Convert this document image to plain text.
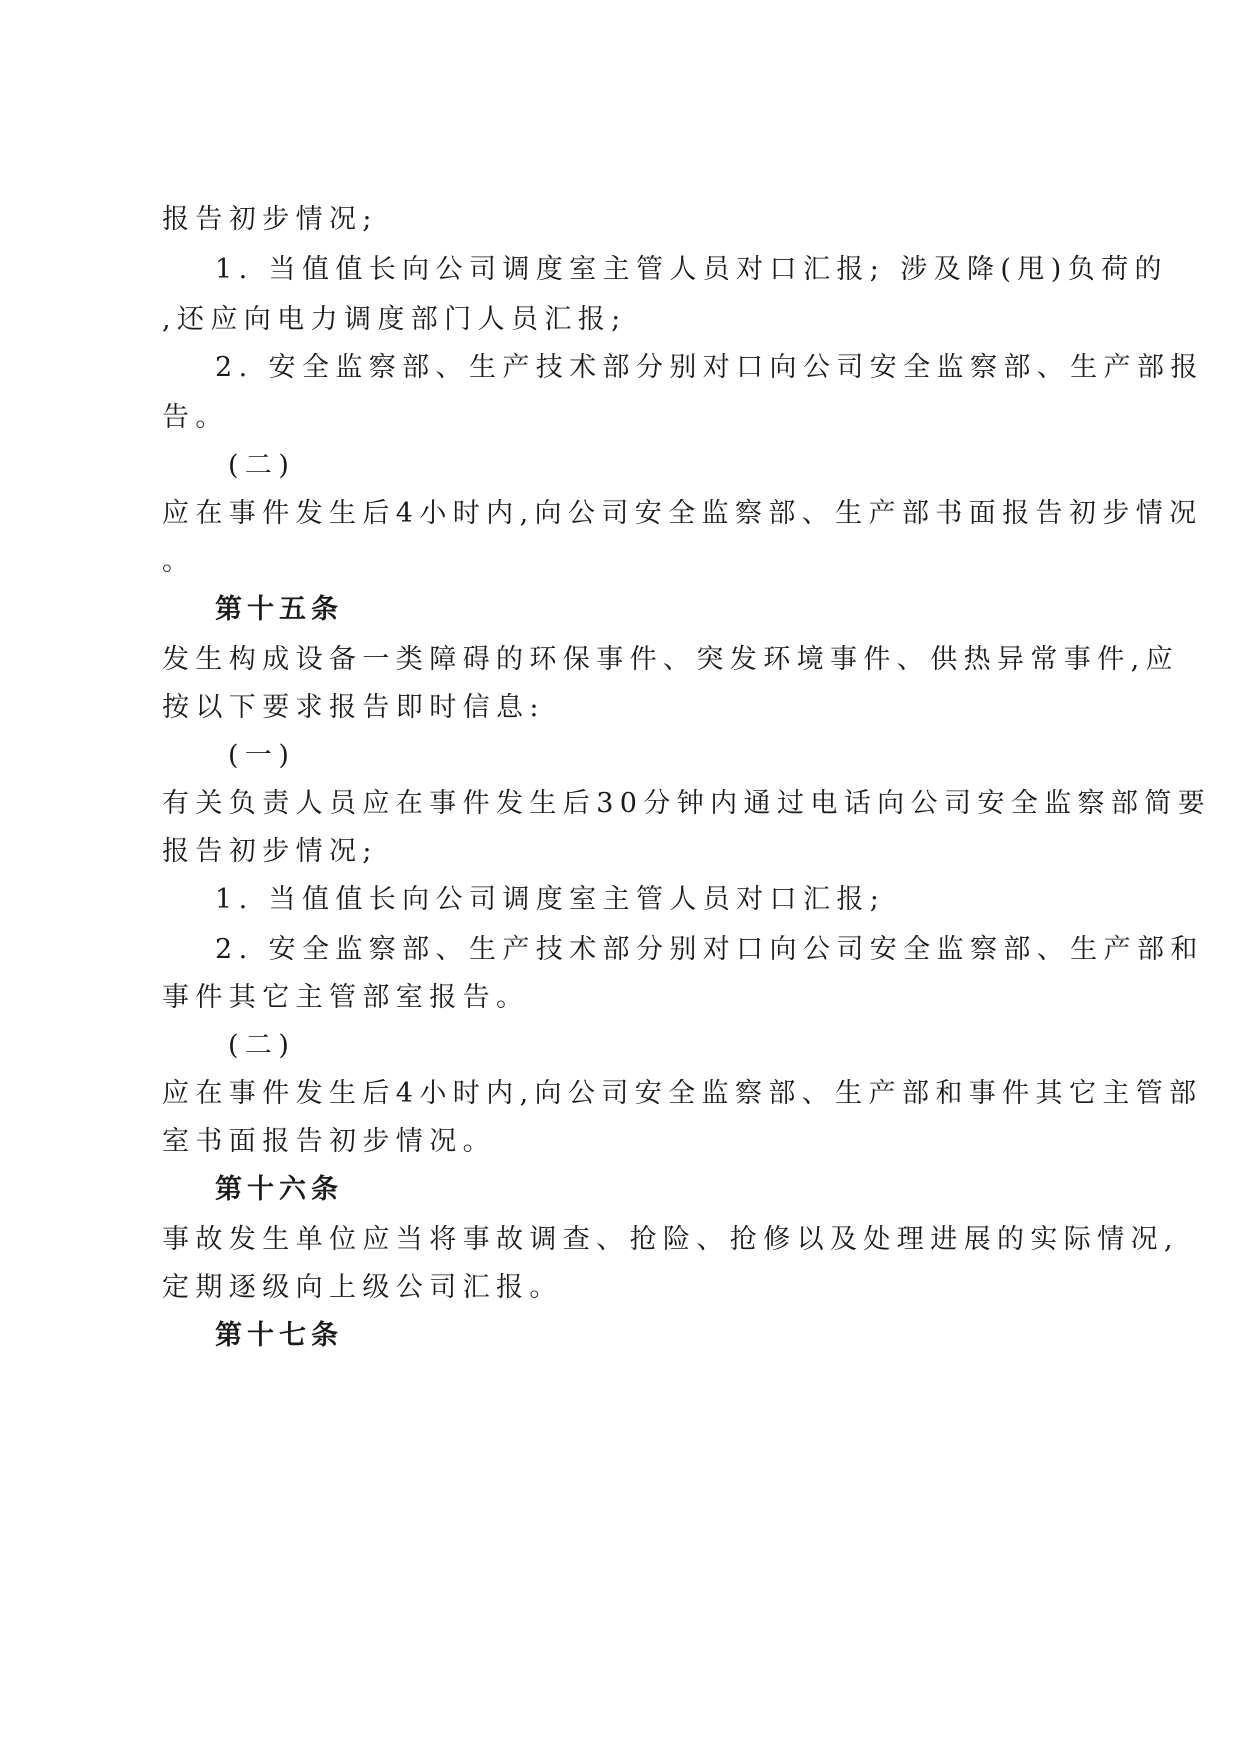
报告初步情况;
1. 当值值长向公司调度室主管人员对口汇报; 涉及降(甩)负荷的
,还应向电力调度部门人员汇报;
2. 安全监察部、生产技术部分别对口向公司安全监察部、生产部报
告。
(二)
应在事件发生后4小时内,向公司安全监察部、生产部书面报告初步情况
。
第十五条
发生构成设备一类障碍的环保事件、突发环境事件、供热异常事件,应
按以下要求报告即时信息:
(一)
有关负责人员应在事件发生后30分钟内通过电话向公司安全监察部简要
报告初步情况;
1. 当值值长向公司调度室主管人员对口汇报;
2. 安全监察部、生产技术部分别对口向公司安全监察部、生产部和
事件其它主管部室报告。
(二)
应在事件发生后4小时内,向公司安全监察部、生产部和事件其它主管部
室书面报告初步情况。
第十六条
事故发生单位应当将事故调查、抢险、抢修以及处理进展的实际情况,
定期逐级向上级公司汇报。
第十七条
